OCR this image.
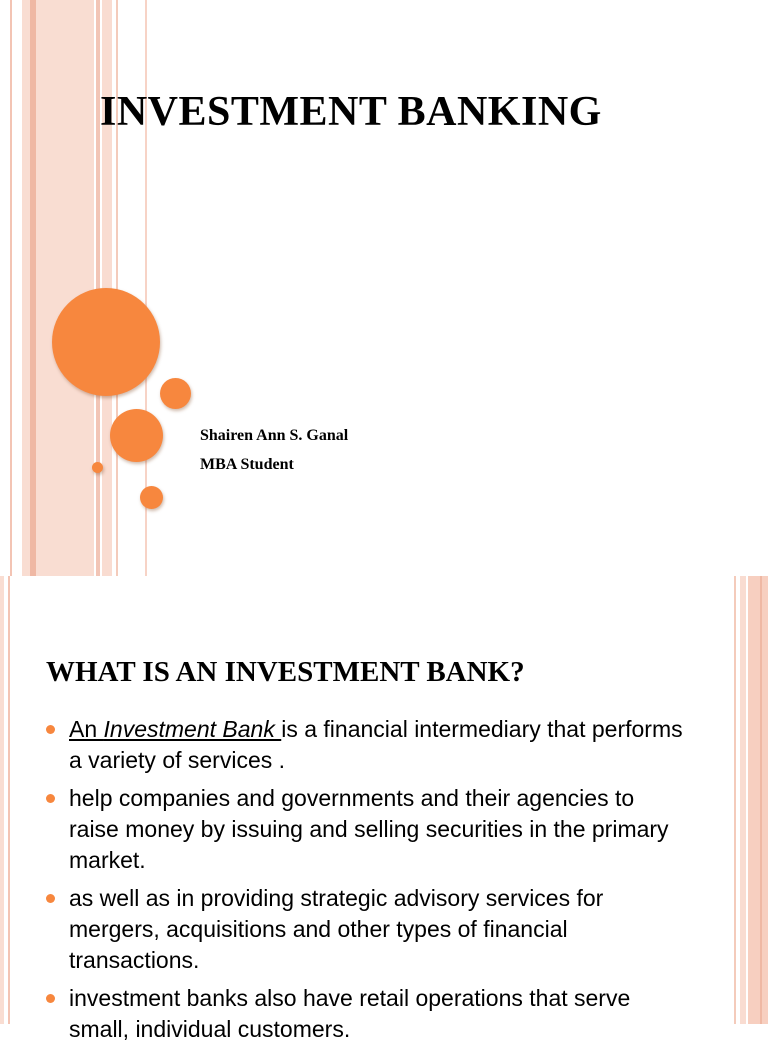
INVESTMENT BANKING
Shairen Ann S. Ganal
MBA Student
WHAT IS AN INVESTMENT BANK?
An Investment Bank is a financial intermediary that performs a variety of services .
help companies and governments and their agencies to raise money by issuing and selling securities in the primary market.
as well as in providing strategic advisory services for mergers, acquisitions and other types of financial transactions.
investment banks also have retail operations that serve small, individual customers.
